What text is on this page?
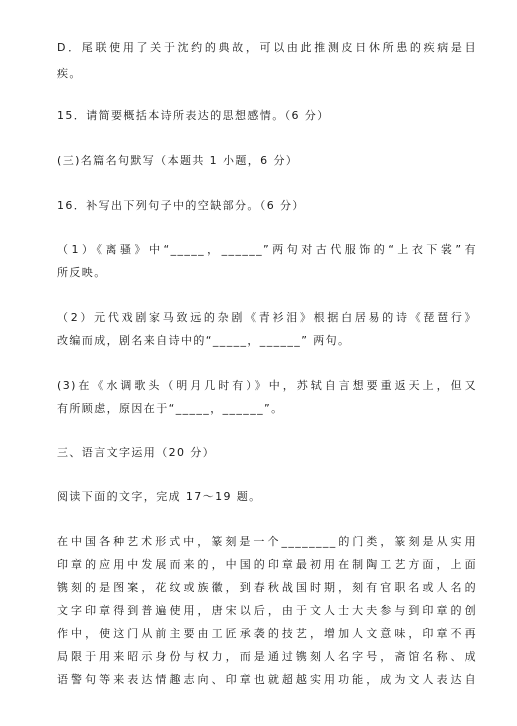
D．尾联使用了关于沈约的典故，可以由此推测皮日休所患的疾病是目
疾。
15．请简要概括本诗所表达的思想感情。（6 分）
(三)名篇名句默写（本题共 1 小题，6 分）
16．补写出下列句子中的空缺部分。（6 分）
（1）《离骚》中“_____，______”两句对古代服饰的“上衣下裳”有
所反映。
（2）元代戏剧家马致远的杂剧《青衫泪》根据白居易的诗《琵琶行》
改编而成，剧名来自诗中的“_____，______” 两句。
(3)在《水调歌头（明月几时有）》中，苏轼自言想要重返天上，但又
有所顾虑，原因在于“_____，______”。
三、语言文字运用（20 分）
阅读下面的文字，完成 17～19 题。
在中国各种艺术形式中，篆刻是一个________的门类，篆刻是从实用
印章的应用中发展而来的，中国的印章最初用在制陶工艺方面，上面
镌刻的是图案，花纹或族徽，到春秋战国时期，刻有官职名或人名的
文字印章得到普遍使用，唐宋以后，由于文人士大夫参与到印章的创
作中，使这门从前主要由工匠承袭的技艺，增加人文意味，印章不再
局限于用来昭示身份与权力，而是通过镌刻人名字号，斋馆名称、成
语警句等来表达情趣志向、印章也就超越实用功能，成为文人表达自
